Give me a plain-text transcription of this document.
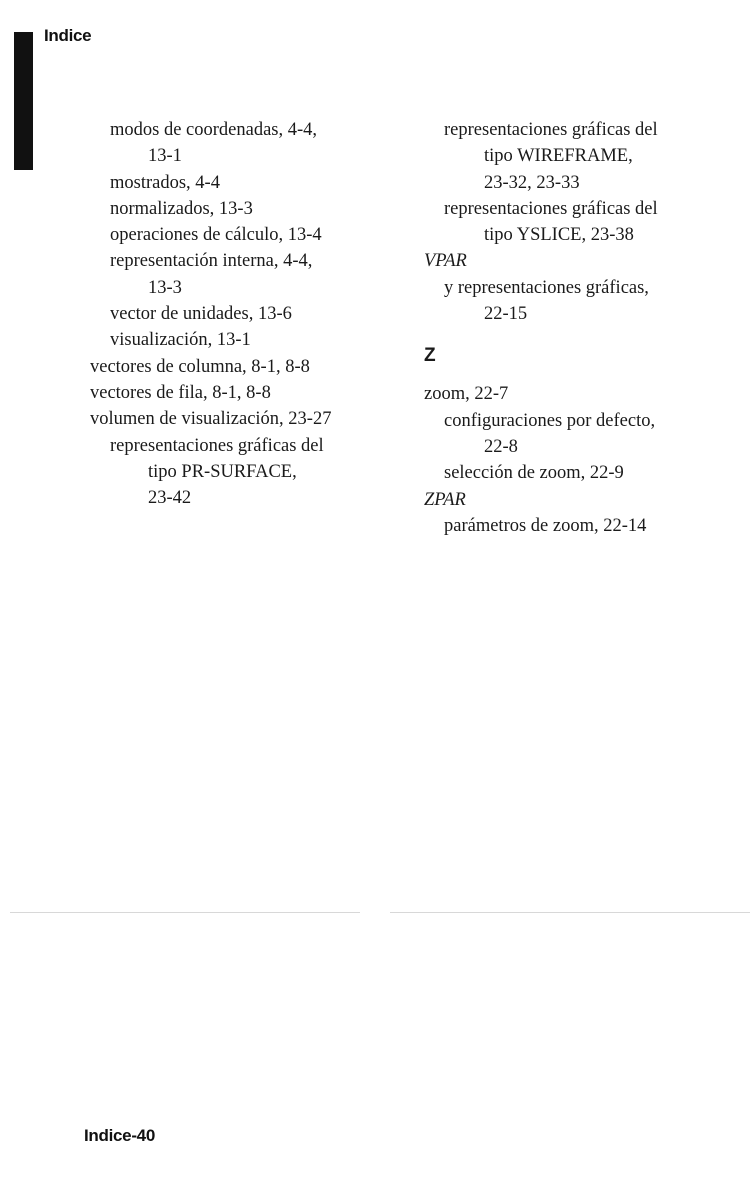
Indice
modos de coordenadas, 4-4,
13-1
mostrados, 4-4
normalizados, 13-3
operaciones de cálculo, 13-4
representación interna, 4-4,
13-3
vector de unidades, 13-6
visualización, 13-1
vectores de columna, 8-1, 8-8
vectores de fila, 8-1, 8-8
volumen de visualización, 23-27
representaciones gráficas del
tipo PR-SURFACE,
23-42
representaciones gráficas del
tipo WIREFRAME,
23-32, 23-33
representaciones gráficas del
tipo YSLICE, 23-38
VPAR
y representaciones gráficas,
22-15
Z
zoom, 22-7
configuraciones por defecto,
22-8
selección de zoom, 22-9
ZPAR
parámetros de zoom, 22-14
Indice-40
